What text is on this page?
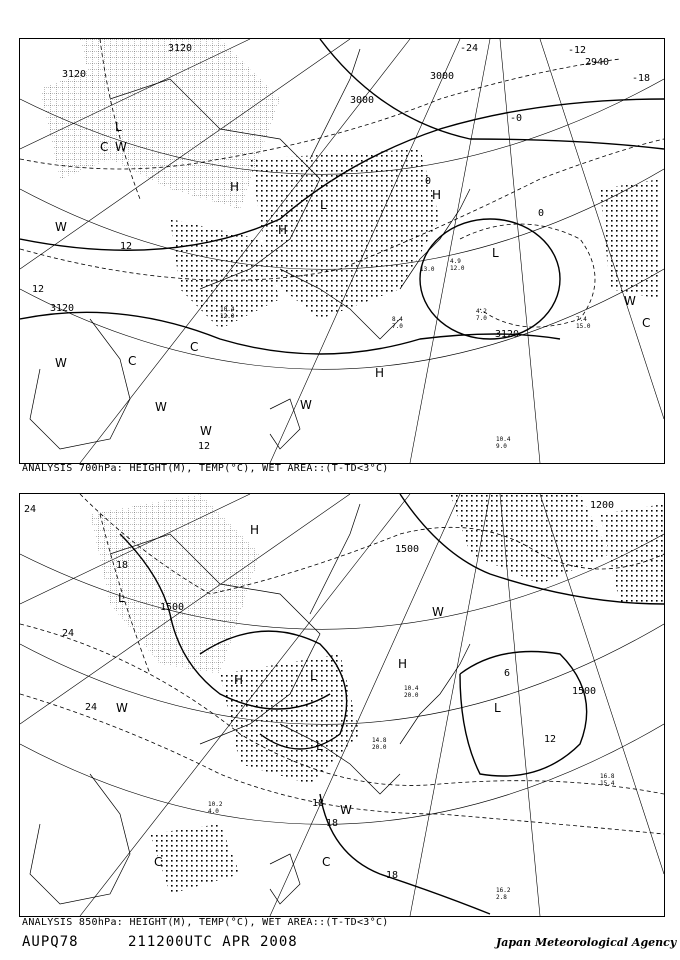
3120
3120
3120
3000
3000
3120
-24	-12
-0
0
0
12
12
12
-18
2940
L
L
C W
H
W
W
W
C
W
H
W
C
W
H
L
H
C
10.4 9.0
7.4 15.0
4.2 7.0
8.4 7.0
10.4 12.0
4.9 12.0
13.0
ANALYSIS 700hPa: HEIGHT(M), TEMP(°C), WET AREA::(T-TD<3°C)
24
18
1500
1500
24
24
1500
12
18
18
18
1200
6
H
L
W
H
C
L
W
W
C
L
H
L
16.2 2.8
16.8 15.4
14.8 20.0
10.4 20.0
10.2 4.0
ANALYSIS 850hPa: HEIGHT(M), TEMP(°C), WET AREA::(T-TD<3°C)
AUPQ78	211200UTC APR 2008	Japan Meteorological Agency
